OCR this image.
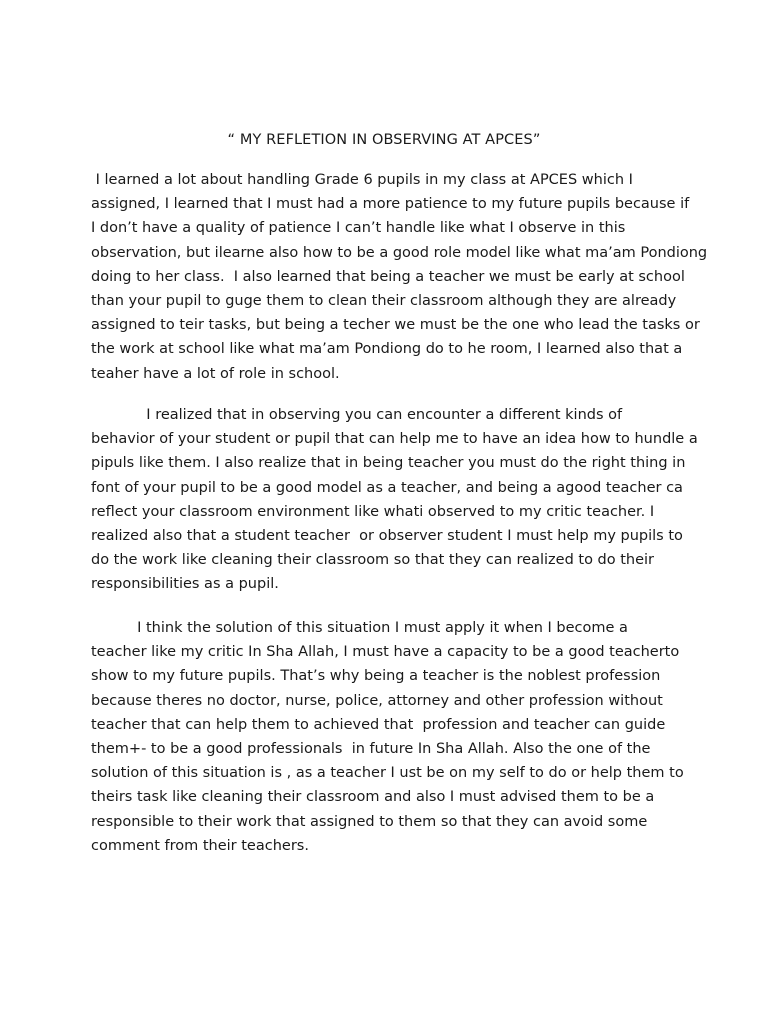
“ MY REFLETION IN OBSERVING AT APCES”
I learned a lot about handling Grade 6 pupils in my class at APCES which I
assigned, I learned that I must had a more patience to my future pupils because if
I don’t have a quality of patience I can’t handle like what I observe in this
observation, but ilearne also how to be a good role model like what ma’am Pondiong
doing to her class.  I also learned that being a teacher we must be early at school
than your pupil to guge them to clean their classroom although they are already
assigned to teir tasks, but being a techer we must be the one who lead the tasks or
the work at school like what ma’am Pondiong do to he room, I learned also that a
teaher have a lot of role in school.
I realized that in observing you can encounter a different kinds of
behavior of your student or pupil that can help me to have an idea how to hundle a
pipuls like them. I also realize that in being teacher you must do the right thing in
font of your pupil to be a good model as a teacher, and being a agood teacher ca
reflect your classroom environment like whati observed to my critic teacher. I
realized also that a student teacher  or observer student I must help my pupils to
do the work like cleaning their classroom so that they can realized to do their
responsibilities as a pupil.
I think the solution of this situation I must apply it when I become a
teacher like my critic In Sha Allah, I must have a capacity to be a good teacherto
show to my future pupils. That’s why being a teacher is the noblest profession
because theres no doctor, nurse, police, attorney and other profession without
teacher that can help them to achieved that  profession and teacher can guide
them+- to be a good professionals  in future In Sha Allah. Also the one of the
solution of this situation is , as a teacher I ust be on my self to do or help them to
theirs task like cleaning their classroom and also I must advised them to be a
responsible to their work that assigned to them so that they can avoid some
comment from their teachers.
